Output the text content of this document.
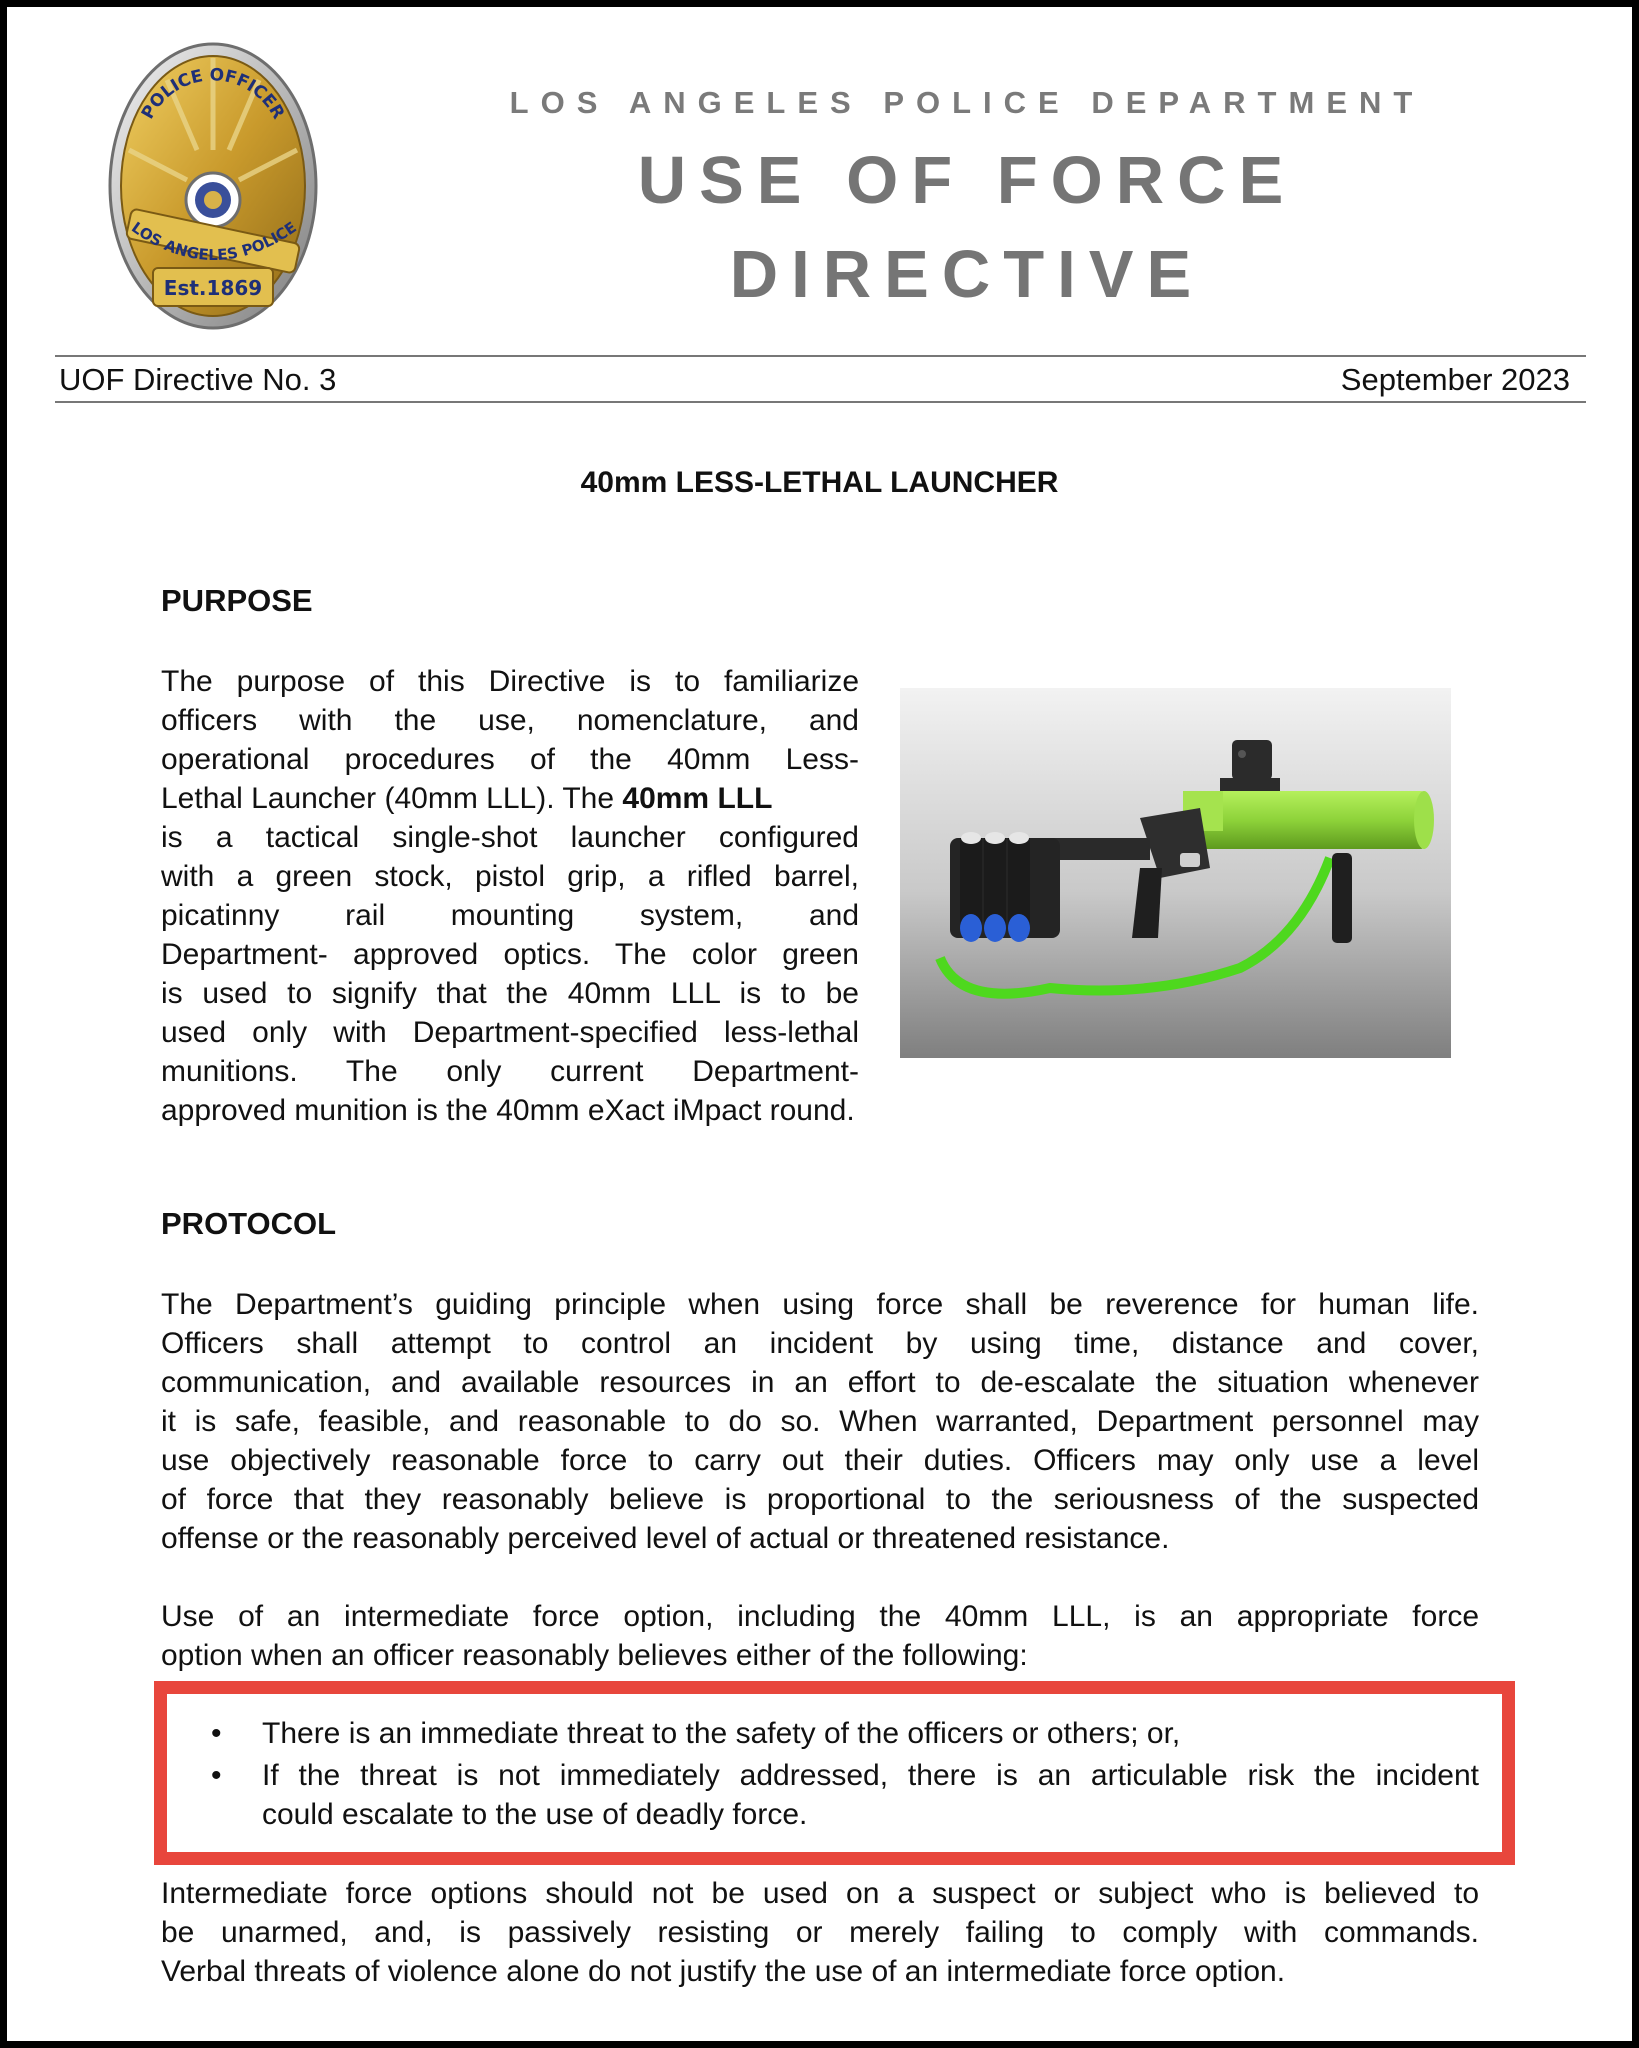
POLICE OFFICER
LOS ANGELES POLICE
Est.1869
LOS ANGELES POLICE DEPARTMENT
USE OF FORCE
DIRECTIVE
UOF Directive No. 3	September 2023
40mm LESS-LETHAL LAUNCHER
PURPOSE
The purpose of this Directive is to familiarize
officers with the use, nomenclature, and
operational procedures of the 40mm Less-
Lethal Launcher (40mm LLL). The 40mm LLL
is a tactical single-shot launcher configured
with a green stock, pistol grip, a rifled barrel,
picatinny rail mounting system, and
Department- approved optics. The color green
is used to signify that the 40mm LLL is to be
used only with Department-specified less-lethal
munitions. The only current Department-
approved munition is the 40mm eXact iMpact round.
PROTOCOL
The Department’s guiding principle when using force shall be reverence for human life.
Officers shall attempt to control an incident by using time, distance and cover,
communication, and available resources in an effort to de-escalate the situation whenever
it is safe, feasible, and reasonable to do so. When warranted, Department personnel may
use objectively reasonable force to carry out their duties. Officers may only use a level
of force that they reasonably believe is proportional to the seriousness of the suspected
offense or the reasonably perceived level of actual or threatened resistance.
Use of an intermediate force option, including the 40mm LLL, is an appropriate force
option when an officer reasonably believes either of the following:
• There is an immediate threat to the safety of the officers or others; or,
• If the threat is not immediately addressed, there is an articulable risk the incident
could escalate to the use of deadly force.
Intermediate force options should not be used on a suspect or subject who is believed to
be unarmed, and, is passively resisting or merely failing to comply with commands.
Verbal threats of violence alone do not justify the use of an intermediate force option.
